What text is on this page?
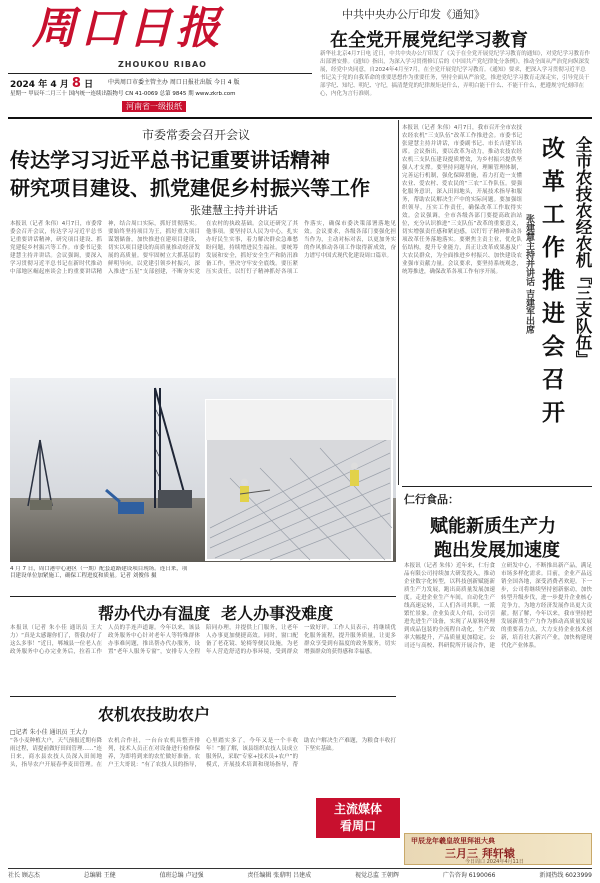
周口日报
ZHOUKOU RIBAO
中共中央办公厅印发《通知》
在全党开展党纪学习教育
2024 年 4 月 8 日 中共周口市委主管主办 周口日报社出版 今日 4 版
星期一 甲辰年二月三十 国内统一连续出版物号 CN 41-0069 总第 9845 期 www.zkrb.com
河南省一级报纸
新华社北京4月7日电 近日，中共中央办公厅印发了《关于在全党开展党纪学习教育的通知》，对党纪学习教育作出部署安排。《通知》指出，为深入学习贯彻修订后的《中国共产党纪律处分条例》，推动全面从严治党向纵深发展，经党中央同意，自2024年4月至7月，在全党开展党纪学习教育。《通知》要求，把深入学习贯彻习近平总书记关于党的自我革命的重要思想作为重要任务，坚持全面从严治党，推进党纪学习教育走深走实，引导党员干部学纪、知纪、明纪、守纪，搞清楚党的纪律规矩是什么，弄明白能干什么、不能干什么，把遵规守纪刻印在心，内化为言行准则。
市委常委会召开会议
传达学习习近平总书记重要讲话精神
研究项目建设、抓党建促乡村振兴等工作
张建慧主持并讲话
本报讯（记者 朱伟）4月7日，市委常委会召开会议，传达学习习近平总书记重要讲话精神，研究项目建设、抓党建促乡村振兴等工作。市委书记张建慧主持并讲话。会议强调，要深入学习贯彻习近平总书记在新时代推动中部地区崛起座谈会上的重要讲话精神，结合周口实际，抓好贯彻落实。要始终坚持项目为王，抓好重大项目谋划储备，加快推进在建项目建设，切实以项目建设的高质量推动经济发展的高质量。要牢固树立大抓基层的鲜明导向，以党建引领乡村振兴，深入推进“五星”支部创建，不断夯实党在农村的执政基础。会议还研究了其他事项。要坚持以人民为中心，扎实办好民生实事，着力解决群众急难愁盼问题，持续增进民生福祉。要统筹发展和安全，抓好安全生产和防汛准备工作，坚决守牢安全底线。要压紧压实责任，以钉钉子精神抓好各项工作落实，确保市委决策部署落地见效。会议要求，各级各部门要强化担当作为，主动对标对表，以更加务实的作风推动各项工作取得新成效，奋力谱写中国式现代化建设周口篇章。
本报讯（记者 朱伟）4月7日，我市召开全市农技农经农机“三支队伍”改革工作推进会。市委书记张建慧主持并讲话，市委副书记、市长吉建军出席。会议指出，要以改革为动力，推动农技农经农机三支队伍建设提质增效，为乡村振兴提供坚强人才支撑。要坚持问题导向，理顺管理体制，完善运行机制，强化保障措施，着力打造一支懂农业、爱农村、爱农民的“三农”工作队伍。要强化服务意识，深入田间地头，开展技术指导和服务，帮助农民解决生产中的实际问题。要加强组织领导，压实工作责任，确保改革工作取得实效。会议强调，全市各级各部门要提高政治站位，充分认识推进“三支队伍”改革的重要意义，切实增强责任感和紧迫感，以钉钉子精神推动各项改革任务落地落实。要聚焦主责主业，优化队伍结构，提升专业能力，真正让改革成果惠及广大农民群众，为全面推进乡村振兴、加快建设农业强市贡献力量。会议要求，要坚持系统观念，统筹推进，确保改革各项工作有序开展。	全市农技农经农机『三支队伍』
改革工作推进会召开
张建慧主持并讲话 吉建军出席
仁行食品：
赋能新质生产力
跑出发展加速度
本报讯（记者 朱伟）近年来，仁行食品有限公司持续加大研发投入，推动企业数字化转型，以科技创新赋能新质生产力发展，跑出高质量发展加速度。走进企业生产车间，自动化生产线高速运转，工人们各司其职，一派繁忙景象。企业负责人介绍，公司引进先进生产设备，实现了从原料处理到成品包装的全流程自动化，生产效率大幅提升，产品质量更加稳定。公司还与高校、科研院所开展合作，建立研发中心，不断推出新产品，满足市场多样化需求。目前，企业产品远销全国各地，深受消费者欢迎。下一步，公司将继续坚持创新驱动，加快转型升级步伐，进一步提升企业核心竞争力，为地方经济发展作出更大贡献。据了解，今年以来，我市坚持把发展新质生产力作为推动高质量发展的重要着力点，大力支持企业技术创新，培育壮大新兴产业，加快构建现代化产业体系。
4 月 7 日，周口港中心港区（一期）配套道路建设项目现场。连日来，项目建设单位加紧施工，确保工程进度和质量。记者 刘俊伟 摄
帮办代办有温度  老人办事没难度
本报讯（记者 朱小佳 通讯员 王大力）“真是太感谢你们了，帮我办好了这么多事！”近日，郸城县一位老人在政务服务中心办完业务后，拉着工作人员的手连声道谢。今年以来，该县政务服务中心针对老年人等特殊群体办事难问题，推出帮办代办服务，设置“老年人服务专窗”，安排专人全程陪同办理，并提供上门服务，让老年人办事更加便捷高效。同时，窗口配备了老花镜、轮椅等便民设施，为老年人营造舒适的办事环境，受到群众一致好评。工作人员表示，将继续优化服务流程，提升服务质量，让更多群众享受到有温度的政务服务，切实增强群众的获得感和幸福感。
农机农技助农户
□记者 朱小佳 通讯员 王大力
“各小麦种植大户，天气预报近期有降雨过程，请提前做好田间管理……”连日来，商水县农技人员深入田间地头，指导农户开展春季麦田管理。在农机合作社，一台台农机具整齐排列，技术人员正在对设备进行检修保养，为即将到来的农忙做好准备。农户王大哥说：“有了农技人员的指导，心里踏实多了，今年又是一个丰收年！”据了解，该县组织农技人员成立服务队，采取“专家+技术员+农户”的模式，开展技术培训和现场指导，帮助农户解决生产难题，为粮食丰收打下坚实基础。
主流媒体
看周口
甲辰龙年羲皇故里拜祖大典
三月三 拜轩辕
今日周口 2024年4月11日
社长 顾志杰	总编辑 王健	值班总编 卢冠强	责任编辑 张鼎明 吕建成	视觉总监 王朝辉	广告咨询 6190066	新闻热线 6023999
